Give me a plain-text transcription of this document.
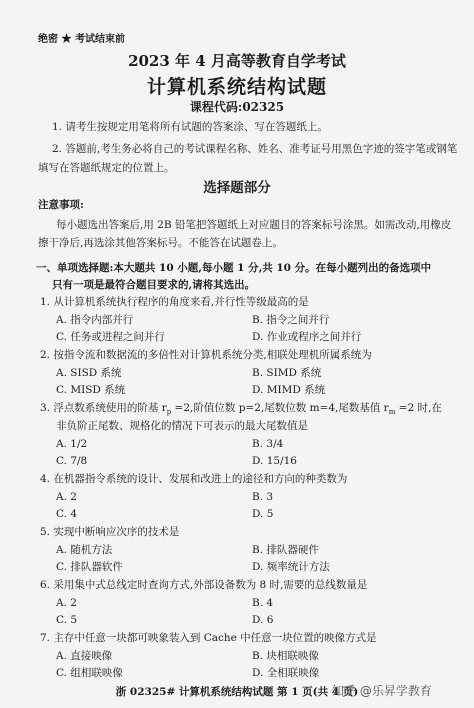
绝密 ★ 考试结束前
2023 年 4 月高等教育自学考试
计算机系统结构试题
课程代码:02325
1. 请考生按规定用笔将所有试题的答案涂、写在答题纸上。
2. 答题前,考生务必将自己的考试课程名称、姓名、准考证号用黑色字迹的签字笔或钢笔
填写在答题纸规定的位置上。
选择题部分
注意事项:
每小题选出答案后,用 2B 铅笔把答题纸上对应题目的答案标号涂黑。如需改动,用橡皮
擦干净后,再选涂其他答案标号。不能答在试题卷上。
一、单项选择题:本大题共 10 小题,每小题 1 分,共 10 分。在每小题列出的备选项中
只有一项是最符合题目要求的,请将其选出。
1. 从计算机系统执行程序的角度来看,并行性等级最高的是
A. 指令内部并行	B. 指令之间并行
C. 任务或进程之间并行	D. 作业或程序之间并行
2. 按指令流和数据流的多倍性对计算机系统分类,相联处理机所属系统为
A. SISD 系统	B. SIMD 系统
C. MISD 系统	D. MIMD 系统
3. 浮点数系统使用的阶基 $r_p =2$,阶值位数 p=2,尾数位数 m=4,尾数基值 $r_m =2$ 时,在
非负阶正尾数、规格化的情况下可表示的最大尾数值是
A. 1/2	B. 3/4
C. 7/8	D. 15/16
4. 在机器指令系统的设计、发展和改进上的途径和方向的种类数为
A. 2	B. 3
C. 4	D. 5
5. 实现中断响应次序的技术是
A. 随机方法	B. 排队器硬件
C. 排队器软件	D. 频率统计方法
6. 采用集中式总线定时查询方式,外部设备数为 8 时,需要的总线数量是
A. 2	B. 4
C. 5	D. 6
7. 主存中任意一块都可映象装入到 Cache 中任意一块位置的映像方式是
A. 直接映像	B. 块相联映像
C. 组相联映像	D. 全相联映像
浙 02325# 计算机系统结构试题 第 1 页(共 4 页)
知乎 @乐昇学教育
